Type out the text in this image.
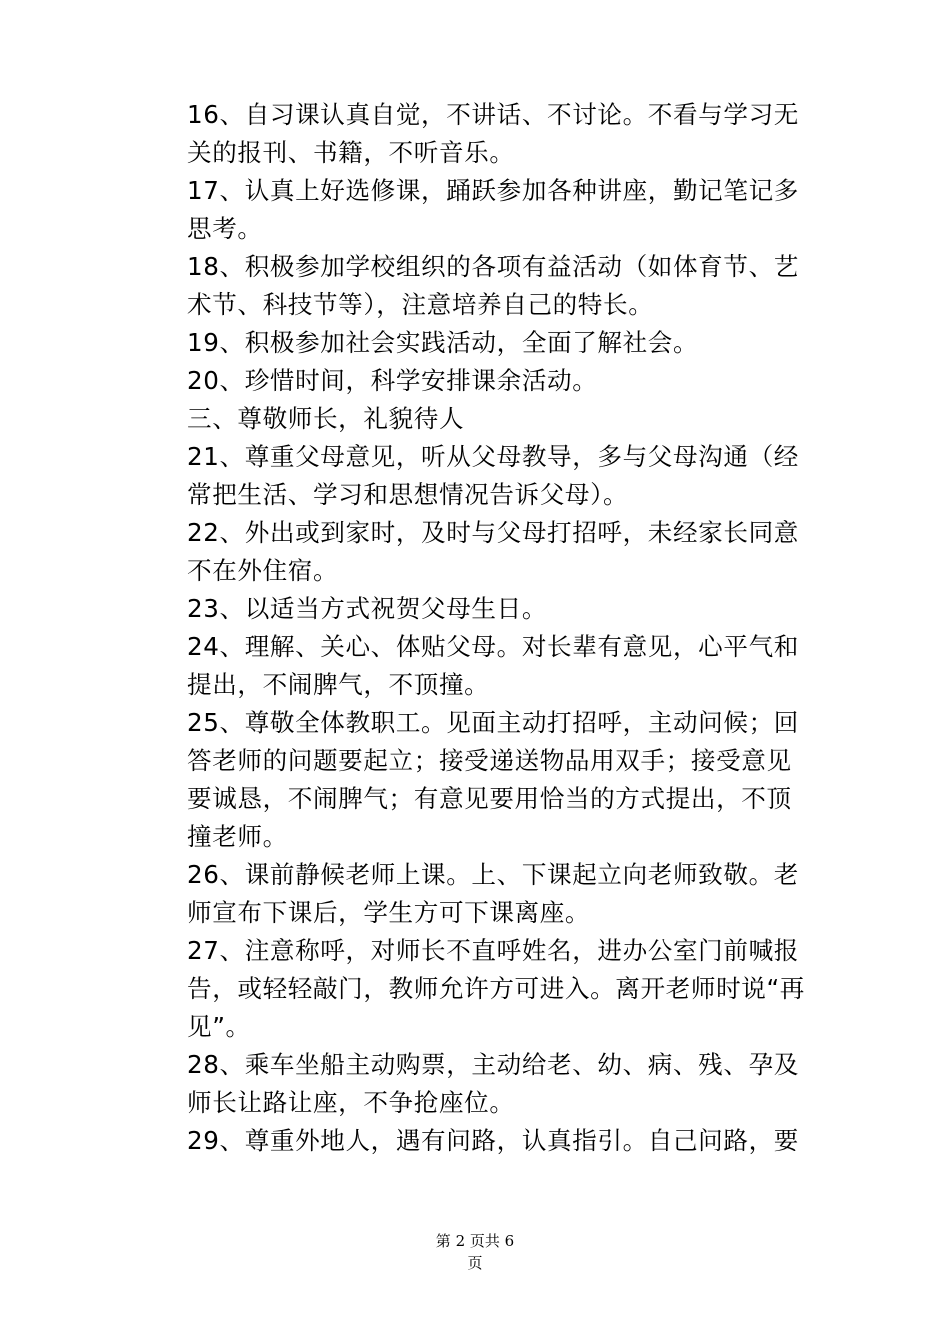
16、自习课认真自觉，不讲话、不讨论。不看与学习无

关的报刊、书籍，不听音乐。

17、认真上好选修课，踊跃参加各种讲座，勤记笔记多

思考。

18、积极参加学校组织的各项有益活动（如体育节、艺

术节、科技节等），注意培养自己的特长。

19、积极参加社会实践活动，全面了解社会。

20、珍惜时间，科学安排课余活动。

三、尊敬师长，礼貌待人

21、尊重父母意见，听从父母教导，多与父母沟通（经

常把生活、学习和思想情况告诉父母）。

22、外出或到家时，及时与父母打招呼，未经家长同意

不在外住宿。

23、以适当方式祝贺父母生日。

24、理解、关心、体贴父母。对长辈有意见，心平气和

提出，不闹脾气，不顶撞。

25、尊敬全体教职工。见面主动打招呼，主动问候；回

答老师的问题要起立；接受递送物品用双手；接受意见

要诚恳，不闹脾气；有意见要用恰当的方式提出，不顶

撞老师。

26、课前静候老师上课。上、下课起立向老师致敬。老

师宣布下课后，学生方可下课离座。

27、注意称呼，对师长不直呼姓名，进办公室门前喊报

告，或轻轻敲门，教师允许方可进入。离开老师时说“再

见”。

28、乘车坐船主动购票，主动给老、幼、病、残、孕及

师长让路让座，不争抢座位。

29、尊重外地人，遇有问路，认真指引。自己问路，要

第 2 页共 6
页
